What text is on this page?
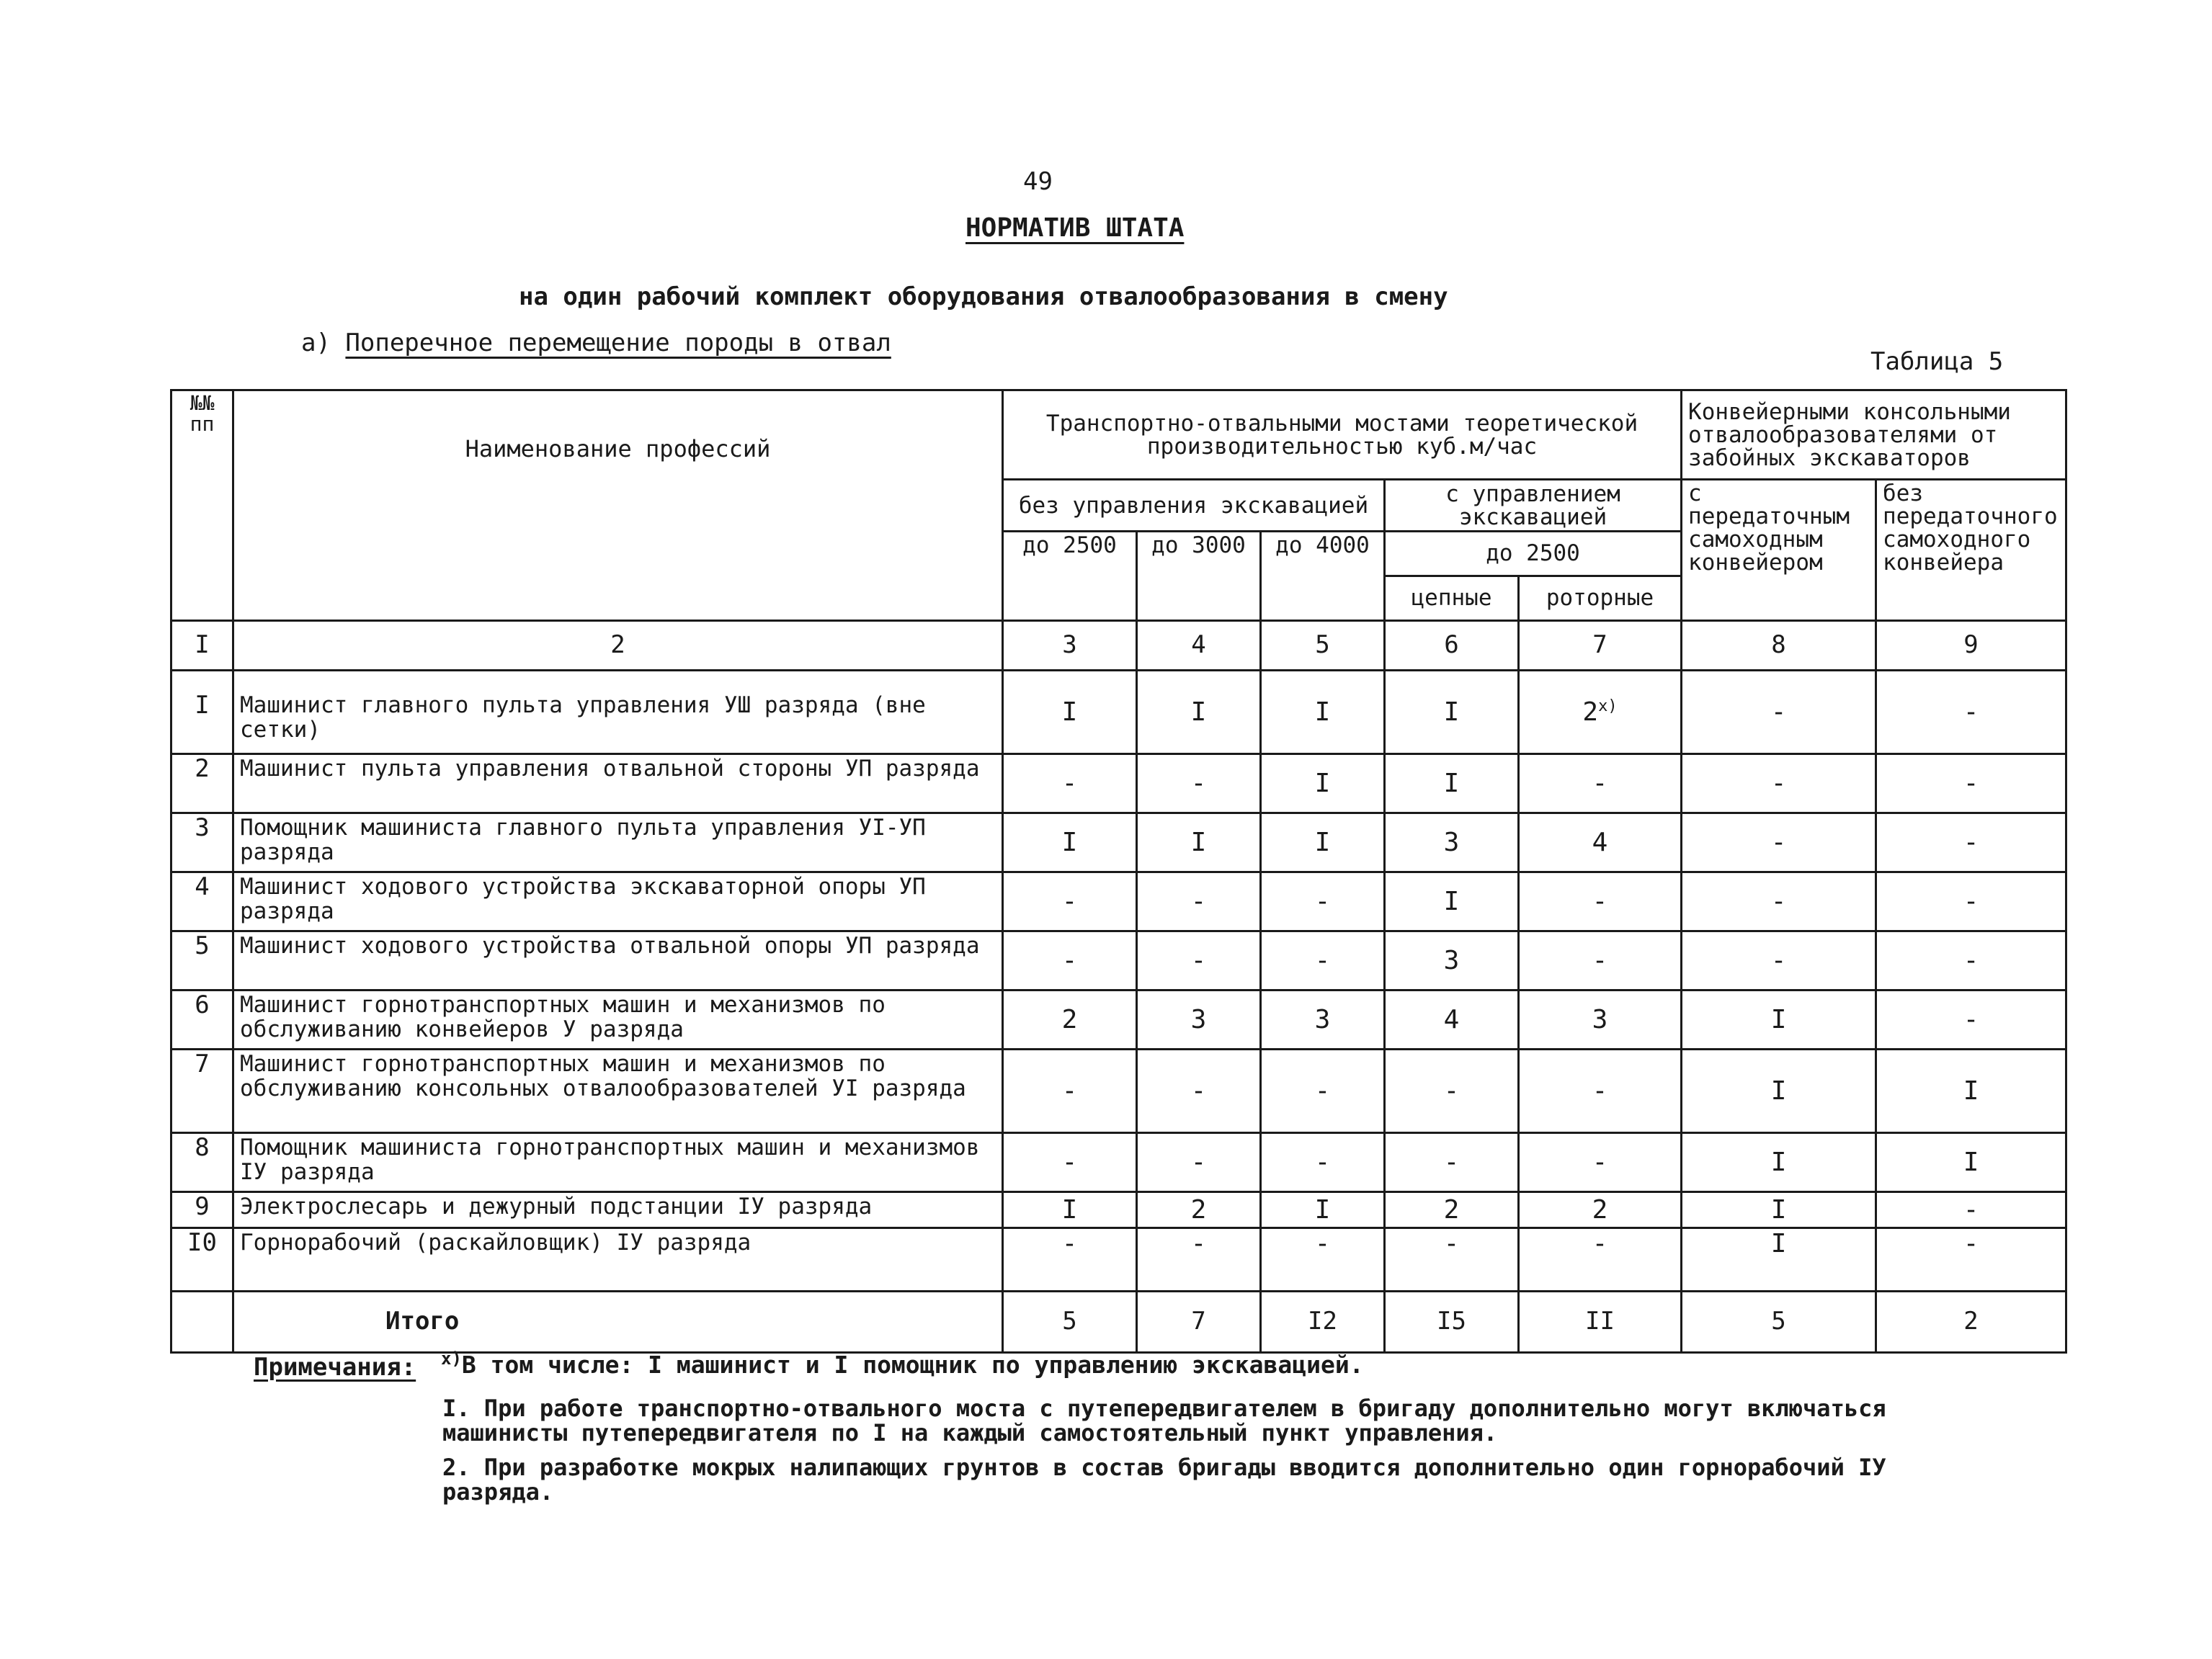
49
НОРМАТИВ ШТАТА
на один рабочий комплект оборудования отвалообразования в смену
а) Поперечное перемещение породы в отвал
Таблица 5
№№ пп	Наименование профессий	Транспортно-отвальными мостами теоретической производительностью куб.м/час					Конвейерными консольными отвалообразователями от забойных экскаваторов	
		без управления экскавацией			с управлением экскавацией		с передаточным самоходным конвейером	без передаточного самоходного конвейера
		до 2500	до 3000	до 4000	до 2500			
					цепные	роторные		
I	2	3	4	5	6	7	8	9
I	Машинист главного пульта управления УШ разряда (вне сетки)	I	I	I	I	2$^{x)}$	-	-
2	Машинист пульта управления отвальной стороны УП разряда	-	-	I	I	-	-	-
3	Помощник машиниста главного пульта управления УI-УП разряда	I	I	I	3	4	-	-
4	Машинист ходового устройства экскаваторной опоры УП разряда	-	-	-	I	-	-	-
5	Машинист ходового устройства отвальной опоры УП разряда	-	-	-	3	-	-	-
6	Машинист горнотранспортных машин и механизмов по обслуживанию конвейеров У разряда	2	3	3	4	3	I	-
7	Машинист горнотранспортных машин и механизмов по обслуживанию консольных отвалообразователей УI разряда	-	-	-	-	-	I	I
8	Помощник машиниста горнотранспортных машин и механизмов IУ разряда	-	-	-	-	-	I	I
9	Электрослесарь и дежурный подстанции IУ разряда	I	2	I	2	2	I	-
I0	Горнорабочий (раскайловщик) IУ разряда	-	-	-	-	-	I	-
	Итого	5	7	I2	I5	II	5	2
Примечания: $^{x)}$В том числе: I машинист и I помощник по управлению экскавацией.
I. При работе транспортно-отвального моста с путепередвигателем в бригаду дополнительно могут включаться машинисты путепередвигателя по I на каждый самостоятельный пункт управления.
2. При разработке мокрых налипающих грунтов в состав бригады вводится дополнительно один горнорабочий IУ разряда.
